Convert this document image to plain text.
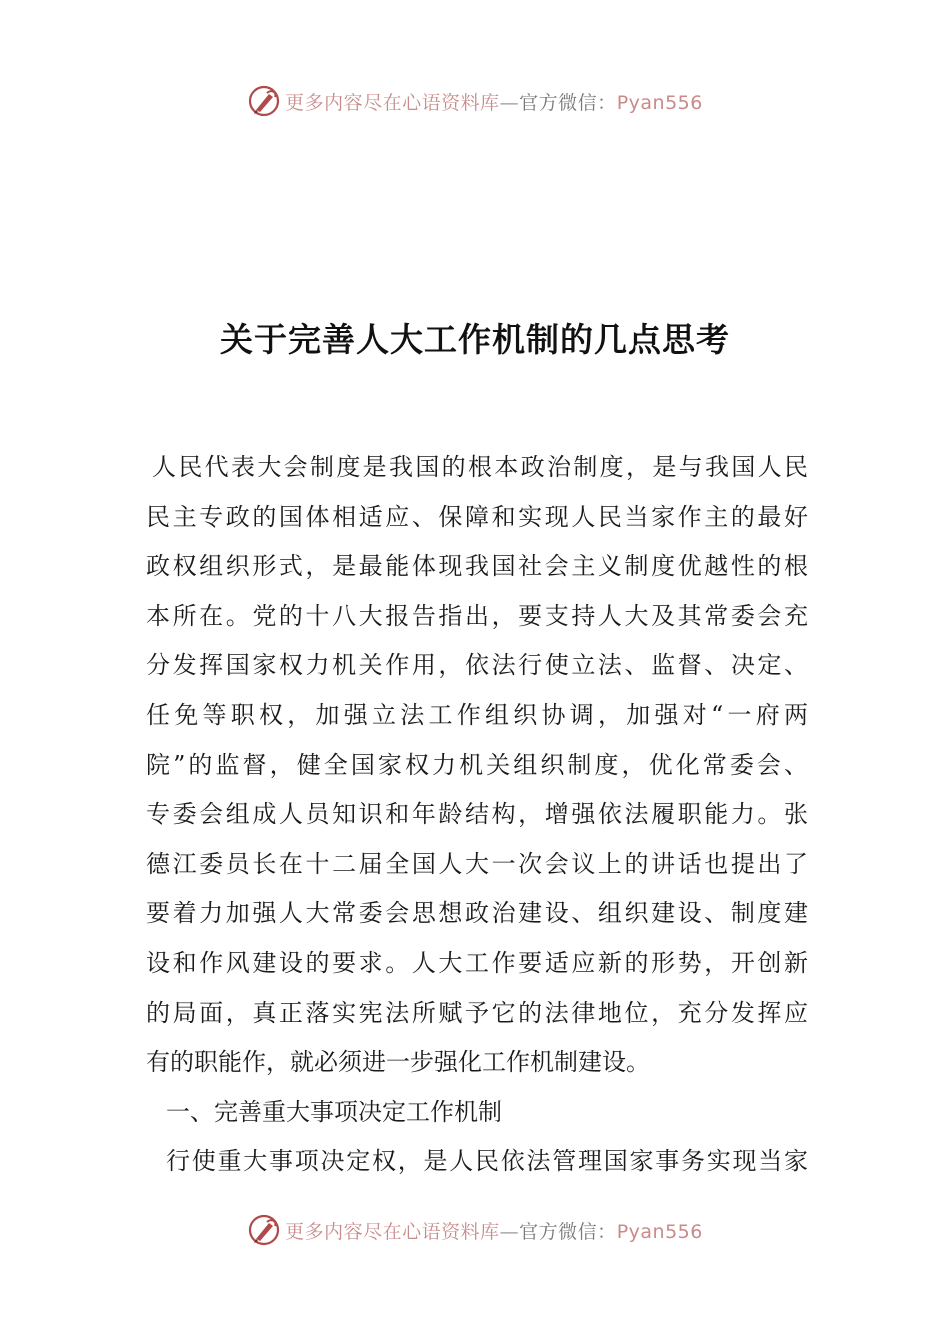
更多内容尽在心语资料库—官方微信：Pyan556
关于完善人大工作机制的几点思考
人民代表大会制度是我国的根本政治制度，是与我国人民
民主专政的国体相适应、保障和实现人民当家作主的最好
政权组织形式，是最能体现我国社会主义制度优越性的根
本所在。党的十八大报告指出，要支持人大及其常委会充
分发挥国家权力机关作用，依法行使立法、监督、决定、
任免等职权，加强立法工作组织协调，加强对“一府两
院”的监督，健全国家权力机关组织制度，优化常委会、
专委会组成人员知识和年龄结构，增强依法履职能力。张
德江委员长在十二届全国人大一次会议上的讲话也提出了
要着力加强人大常委会思想政治建设、组织建设、制度建
设和作风建设的要求。人大工作要适应新的形势，开创新
的局面，真正落实宪法所赋予它的法律地位，充分发挥应
有的职能作，就必须进一步强化工作机制建设。
一、完善重大事项决定工作机制
行使重大事项决定权，是人民依法管理国家事务实现当家
更多内容尽在心语资料库—官方微信：Pyan556
